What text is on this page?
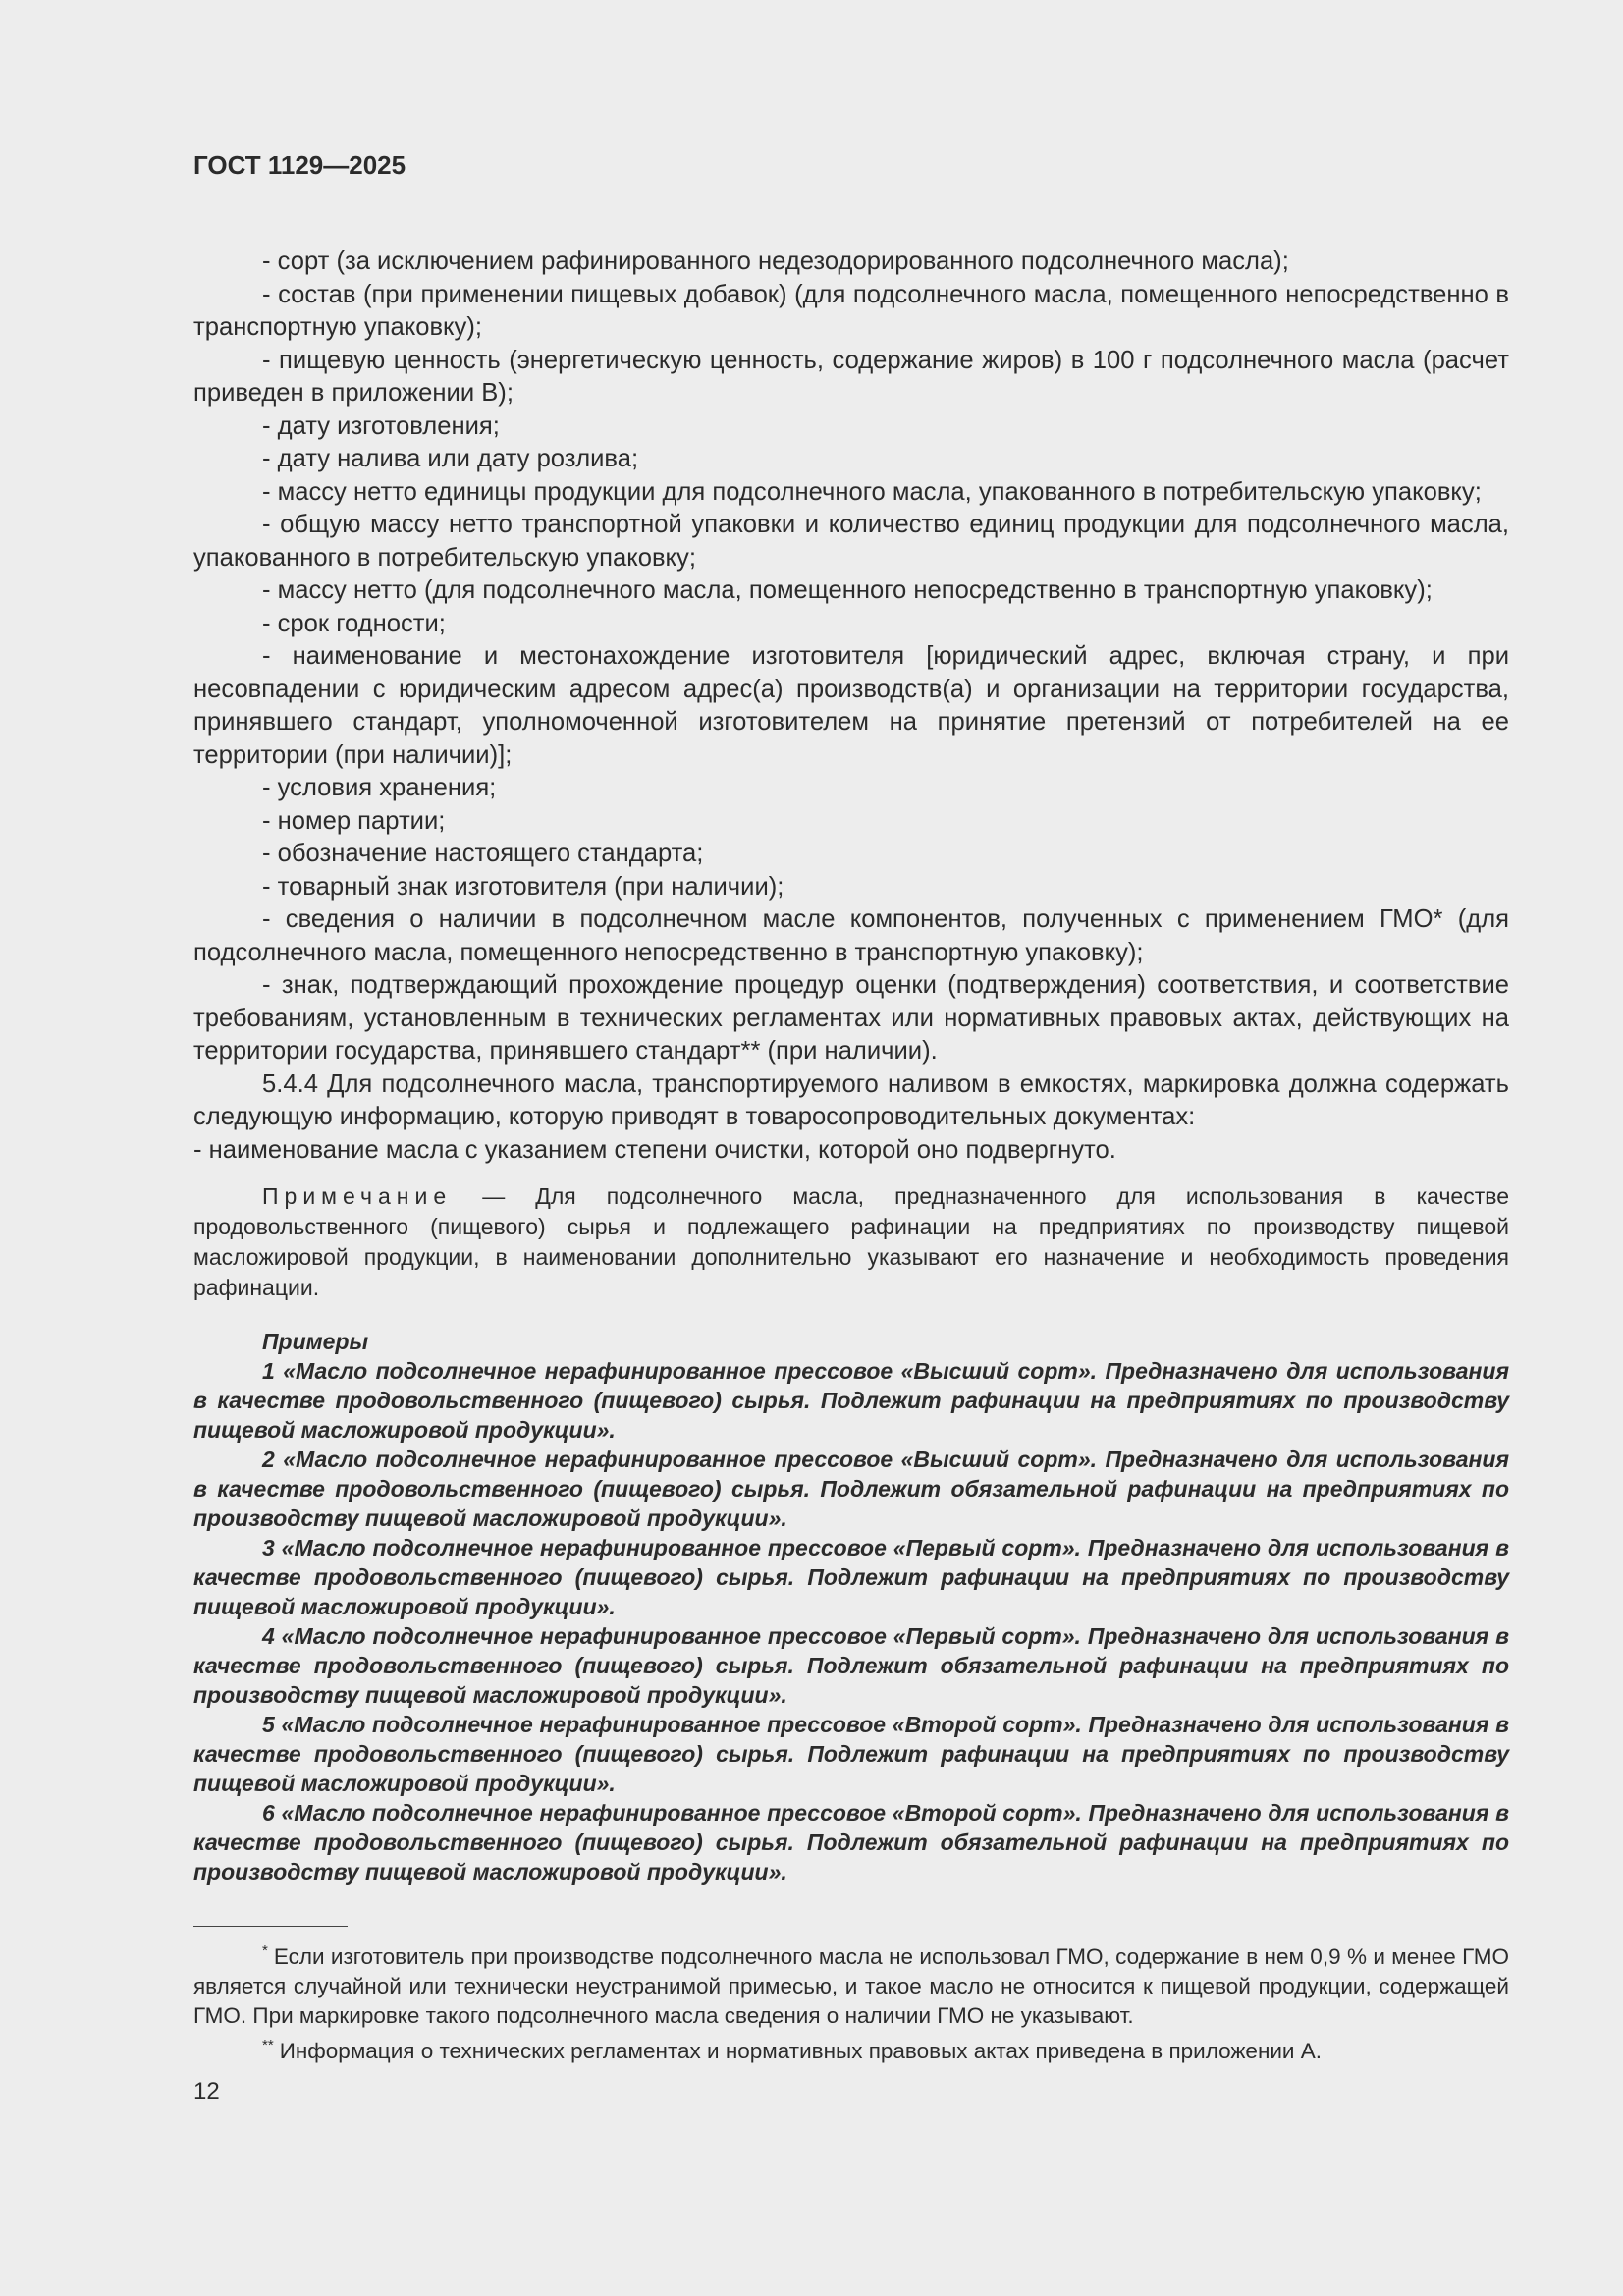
ГОСТ 1129—2025

- сорт (за исключением рафинированного недезодорированного подсолнечного масла);

- состав (при применении пищевых добавок) (для подсолнечного масла, помещенного непосредственно в транспортную упаковку);

- пищевую ценность (энергетическую ценность, содержание жиров) в 100 г подсолнечного масла (расчет приведен в приложении В);

- дату изготовления;

- дату налива или дату розлива;

- массу нетто единицы продукции для подсолнечного масла, упакованного в потребительскую упаковку;

- общую массу нетто транспортной упаковки и количество единиц продукции для подсолнечного масла, упакованного в потребительскую упаковку;

- массу нетто (для подсолнечного масла, помещенного непосредственно в транспортную упаковку);

- срок годности;

- наименование и местонахождение изготовителя [юридический адрес, включая страну, и при несовпадении с юридическим адресом адрес(а) производств(а) и организации на территории государства, принявшего стандарт, уполномоченной изготовителем на принятие претензий от потребителей на ее территории (при наличии)];

- условия хранения;

- номер партии;

- обозначение настоящего стандарта;

- товарный знак изготовителя (при наличии);

- сведения о наличии в подсолнечном масле компонентов, полученных с применением ГМО* (для подсолнечного масла, помещенного непосредственно в транспортную упаковку);

- знак, подтверждающий прохождение процедур оценки (подтверждения) соответствия, и соответствие требованиям, установленным в технических регламентах или нормативных правовых актах, действующих на территории государства, принявшего стандарт** (при наличии).

5.4.4 Для подсолнечного масла, транспортируемого наливом в емкостях, маркировка должна содержать следующую информацию, которую приводят в товаросопроводительных документах:

- наименование масла с указанием степени очистки, которой оно подвергнуто.

Примечание — Для подсолнечного масла, предназначенного для использования в качестве продовольственного (пищевого) сырья и подлежащего рафинации на предприятиях по производству пищевой масложировой продукции, в наименовании дополнительно указывают его назначение и необходимость проведения рафинации.

Примеры

1 «Масло подсолнечное нерафинированное прессовое «Высший сорт». Предназначено для использования в качестве продовольственного (пищевого) сырья. Подлежит рафинации на предприятиях по производству пищевой масложировой продукции».

2 «Масло подсолнечное нерафинированное прессовое «Высший сорт». Предназначено для использования в качестве продовольственного (пищевого) сырья. Подлежит обязательной рафинации на предприятиях по производству пищевой масложировой продукции».

3 «Масло подсолнечное нерафинированное прессовое «Первый сорт». Предназначено для использования в качестве продовольственного (пищевого) сырья. Подлежит рафинации на предприятиях по производству пищевой масложировой продукции».

4 «Масло подсолнечное нерафинированное прессовое «Первый сорт». Предназначено для использования в качестве продовольственного (пищевого) сырья. Подлежит обязательной рафинации на предприятиях по производству пищевой масложировой продукции».

5 «Масло подсолнечное нерафинированное прессовое «Второй сорт». Предназначено для использования в качестве продовольственного (пищевого) сырья. Подлежит рафинации на предприятиях по производству пищевой масложировой продукции».

6 «Масло подсолнечное нерафинированное прессовое «Второй сорт». Предназначено для использования в качестве продовольственного (пищевого) сырья. Подлежит обязательной рафинации на предприятиях по производству пищевой масложировой продукции».

* Если изготовитель при производстве подсолнечного масла не использовал ГМО, содержание в нем 0,9 % и менее ГМО является случайной или технически неустранимой примесью, и такое масло не относится к пищевой продукции, содержащей ГМО. При маркировке такого подсолнечного масла сведения о наличии ГМО не указывают.

** Информация о технических регламентах и нормативных правовых актах приведена в приложении А.

12
